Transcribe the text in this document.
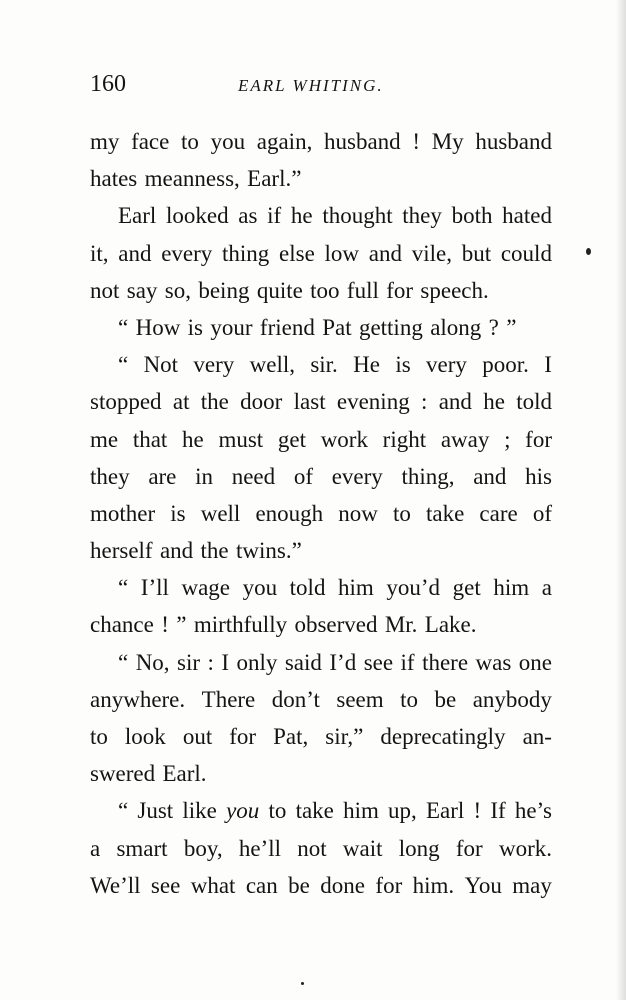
160	EARL WHITING.
my face to you again, husband ! My husband
hates meanness, Earl.”
Earl looked as if he thought they both hated
it, and every thing else low and vile, but could
not say so, being quite too full for speech.
“ How is your friend Pat getting along ? ”
“ Not very well, sir. He is very poor. I
stopped at the door last evening : and he told
me that he must get work right away ; for
they are in need of every thing, and his
mother is well enough now to take care of
herself and the twins.”
“ I’ll wage you told him you’d get him a
chance ! ” mirthfully observed Mr. Lake.
“ No, sir : I only said I’d see if there was one
anywhere. There don’t seem to be anybody
to look out for Pat, sir,” deprecatingly an-
swered Earl.
“ Just like you to take him up, Earl ! If he’s
a smart boy, he’ll not wait long for work.
We’ll see what can be done for him. You may
